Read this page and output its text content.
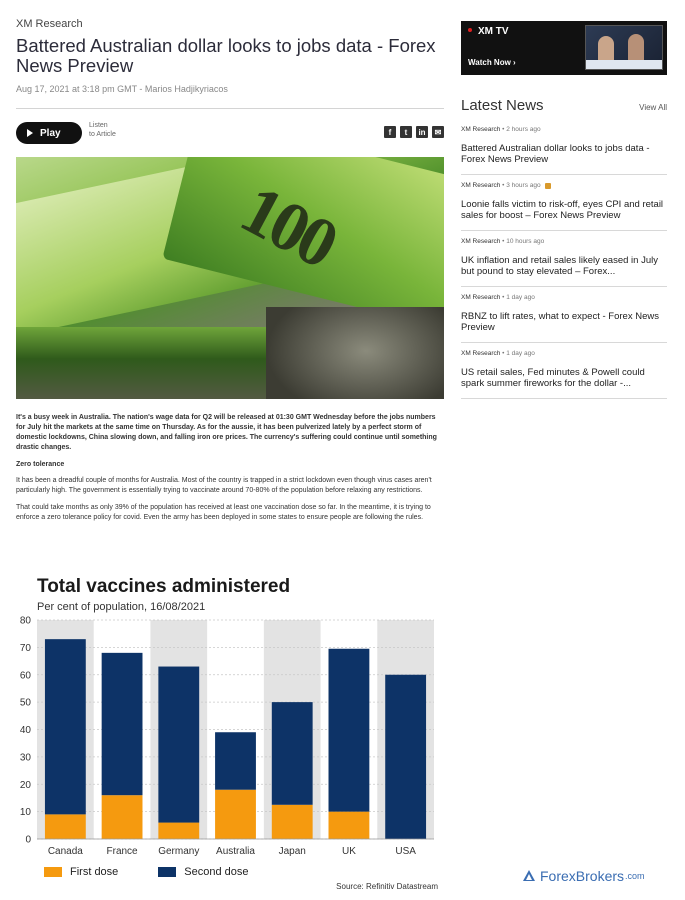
XM Research
Battered Australian dollar looks to jobs data - Forex News Preview
Aug 17, 2021 at 3:18 pm GMT - Marios Hadjikyriacos
Play
Listen
to Article	f	t	in	✉
100

It's a busy week in Australia. The nation's wage data for Q2 will be released at 01:30 GMT Wednesday before the jobs numbers for July hit the markets at the same time on Thursday. As for the aussie, it has been pulverized lately by a perfect storm of domestic lockdowns, China slowing down, and falling iron ore prices. The currency's suffering could continue until something drastic changes.

Zero tolerance

It has been a dreadful couple of months for Australia. Most of the country is trapped in a strict lockdown even though virus cases aren't particularly high. The government is essentially trying to vaccinate around 70-80% of the population before relaxing any restrictions.

That could take months as only 39% of the population has received at least one vaccination dose so far. In the meantime, it is trying to enforce a zero tolerance policy for covid. Even the army has been deployed in some states to ensure people are following the rules.

Total vaccines administered
Per cent of population, 16/08/2021
0
10
20
30
40
50
60
70
80
Canada France Germany Australia Japan	UK	USA
First dose	Second dose
Source: Refinitiv Datastream
XM TV
Watch Now ›
Latest News	View All
XM Research • 2 hours ago
Battered Australian dollar looks to jobs data - Forex News Preview
XM Research • 3 hours ago
Loonie falls victim to risk-off, eyes CPI and retail sales for boost – Forex News Preview
XM Research • 10 hours ago
UK inflation and retail sales likely eased in July but pound to stay elevated – Forex...
XM Research • 1 day ago
RBNZ to lift rates, what to expect - Forex News Preview
XM Research • 1 day ago
US retail sales, Fed minutes & Powell could spark summer fireworks for the dollar -...
ForexBrokers .com
